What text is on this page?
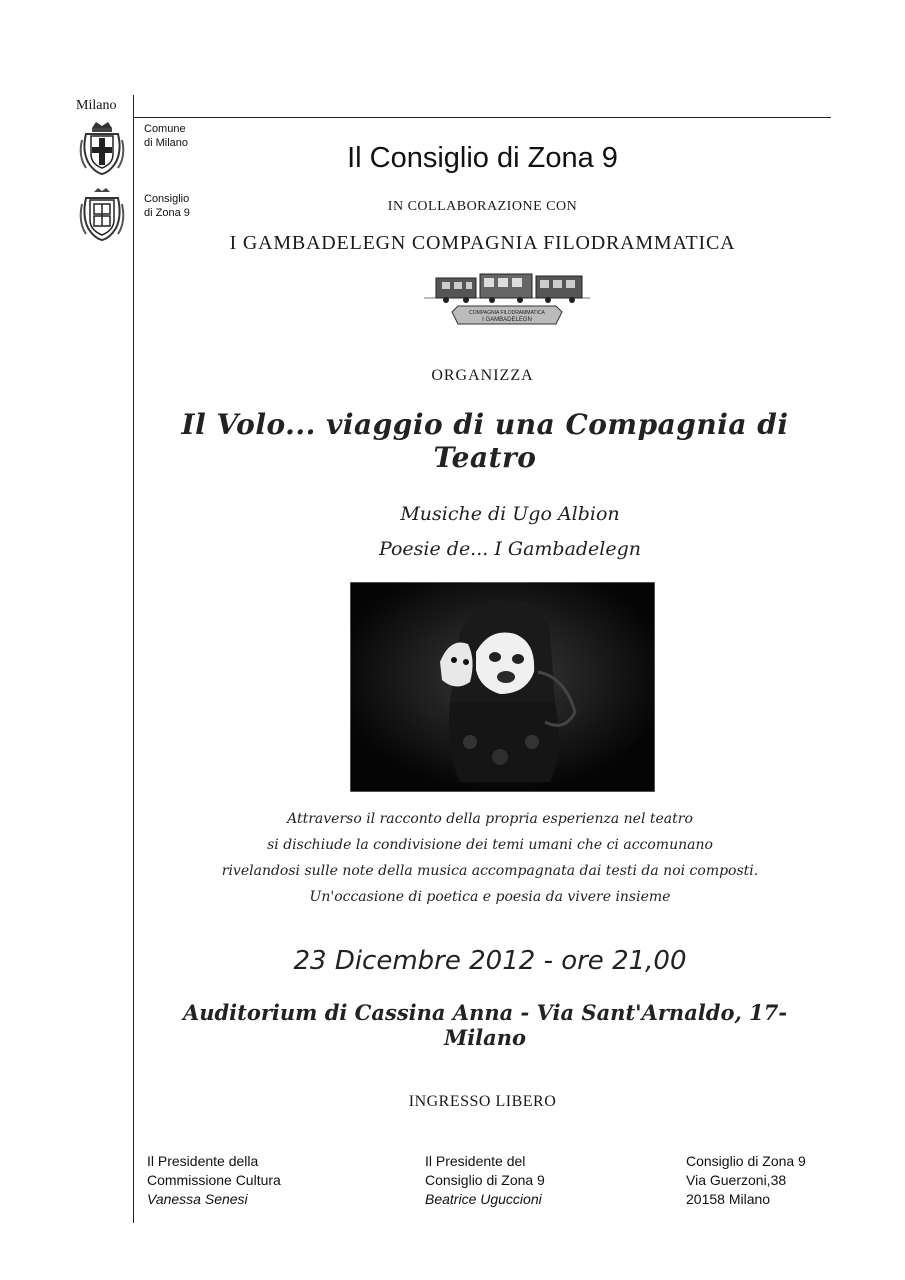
Milano
Comune
di Milano
Consiglio
di Zona 9
Il Consiglio di Zona 9
IN COLLABORAZIONE CON
I GAMBADELEGN COMPAGNIA FILODRAMMATICA
COMPAGNIA FILODRAMMATICA
I GAMBADELEGN
ORGANIZZA
Il Volo... viaggio di una Compagnia di Teatro
Musiche di Ugo Albion
Poesie de... I Gambadelegn
Attraverso il racconto della propria esperienza nel teatro
si dischiude la condivisione dei temi umani che ci accomunano
rivelandosi sulle note della musica accompagnata dai testi da noi composti.
Un'occasione di poetica e poesia da vivere insieme
23 Dicembre 2012 - ore 21,00
Auditorium di Cassina Anna - Via Sant'Arnaldo, 17- Milano
INGRESSO LIBERO
Il Presidente della
Commissione Cultura
Vanessa Senesi
Il Presidente del
Consiglio di Zona 9
Beatrice Uguccioni
Consiglio di Zona 9
Via Guerzoni,38
20158 Milano
